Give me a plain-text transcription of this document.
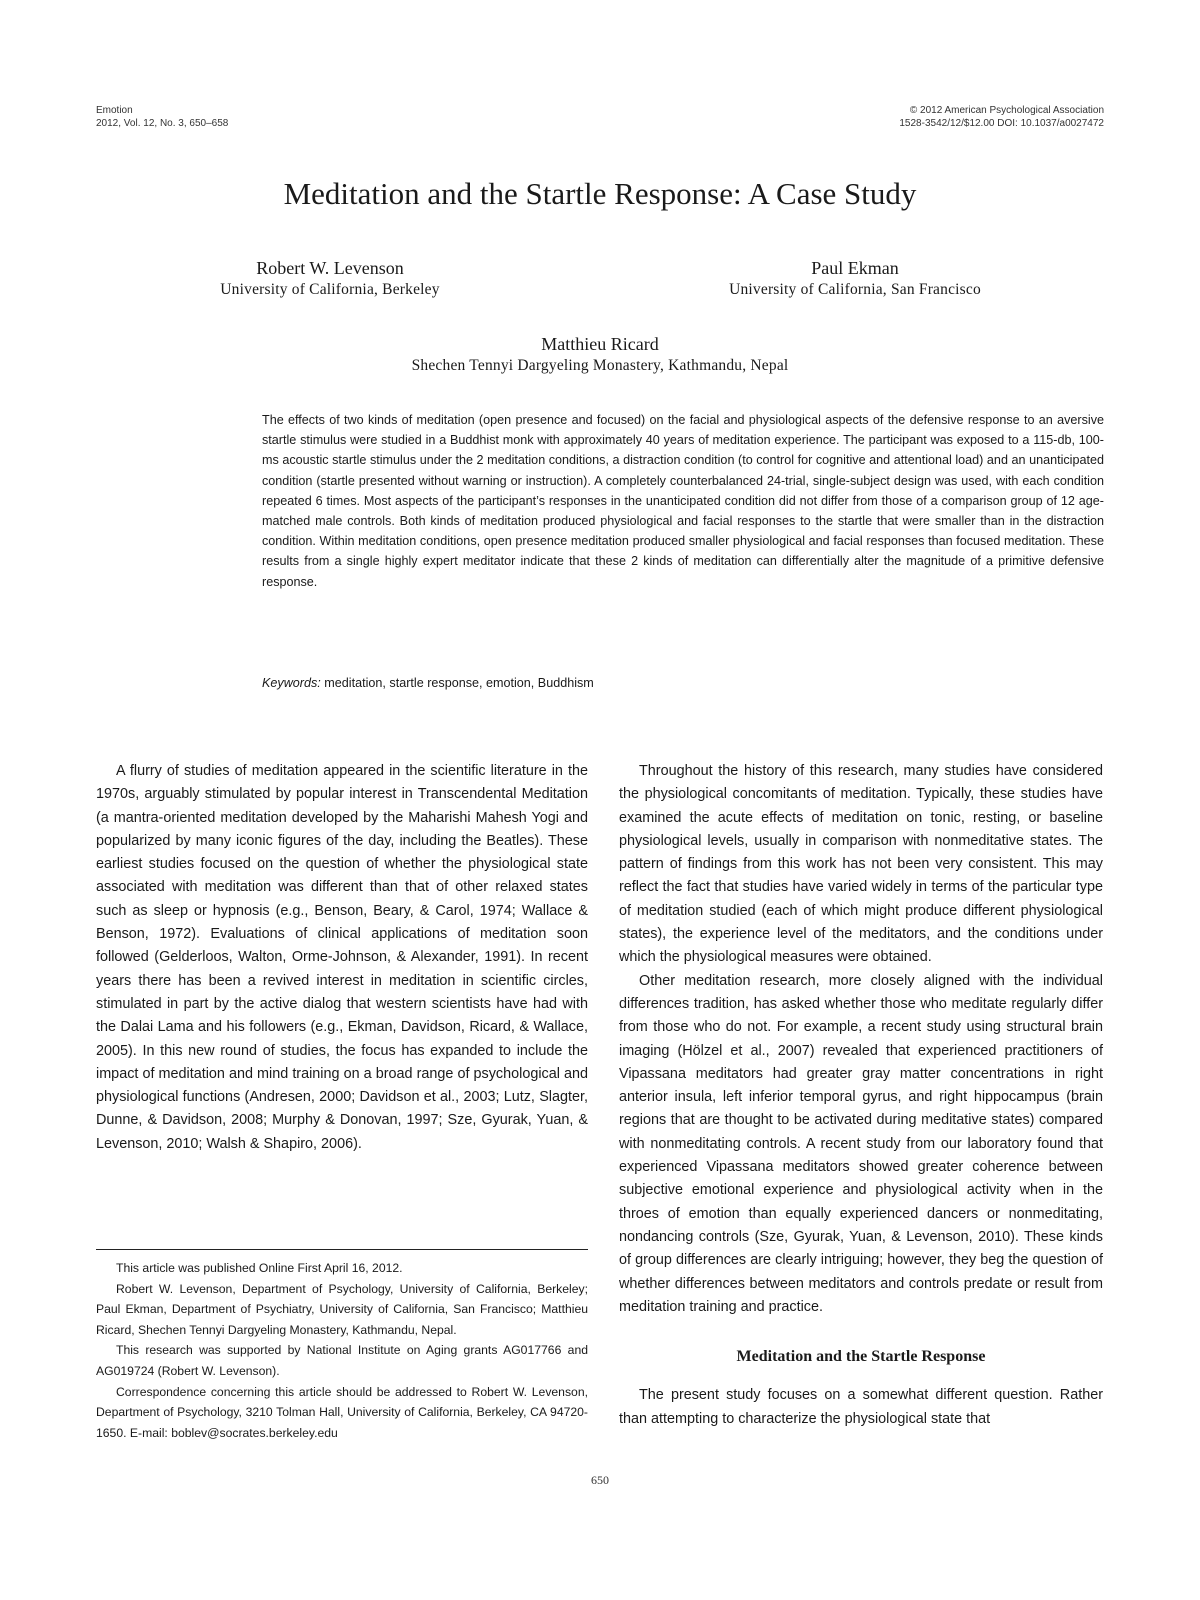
Emotion
2012, Vol. 12, No. 3, 650–658
© 2012 American Psychological Association
1528-3542/12/$12.00 DOI: 10.1037/a0027472
Meditation and the Startle Response: A Case Study
Robert W. Levenson
University of California, Berkeley
Paul Ekman
University of California, San Francisco
Matthieu Ricard
Shechen Tennyi Dargyeling Monastery, Kathmandu, Nepal

The effects of two kinds of meditation (open presence and focused) on the facial and physiological aspects of the defensive response to an aversive startle stimulus were studied in a Buddhist monk with approximately 40 years of meditation experience. The participant was exposed to a 115-db, 100-ms acoustic startle stimulus under the 2 meditation conditions, a distraction condition (to control for cognitive and attentional load) and an unanticipated condition (startle presented without warning or instruction). A completely counterbalanced 24-trial, single-subject design was used, with each condition repeated 6 times. Most aspects of the participant’s responses in the unanticipated condition did not differ from those of a comparison group of 12 age-matched male controls. Both kinds of meditation produced physiological and facial responses to the startle that were smaller than in the distraction condition. Within meditation conditions, open presence meditation produced smaller physiological and facial responses than focused meditation. These results from a single highly expert meditator indicate that these 2 kinds of meditation can differentially alter the magnitude of a primitive defensive response.

Keywords: meditation, startle response, emotion, Buddhism

A flurry of studies of meditation appeared in the scientific literature in the 1970s, arguably stimulated by popular interest in Transcendental Meditation (a mantra-oriented meditation developed by the Maharishi Mahesh Yogi and popularized by many iconic figures of the day, including the Beatles). These earliest studies focused on the question of whether the physiological state associated with meditation was different than that of other relaxed states such as sleep or hypnosis (e.g., Benson, Beary, & Carol, 1974; Wallace & Benson, 1972). Evaluations of clinical applications of meditation soon followed (Gelderloos, Walton, Orme-Johnson, & Alexander, 1991). In recent years there has been a revived interest in meditation in scientific circles, stimulated in part by the active dialog that western scientists have had with the Dalai Lama and his followers (e.g., Ekman, Davidson, Ricard, & Wallace, 2005). In this new round of studies, the focus has expanded to include the impact of meditation and mind training on a broad range of psychological and physiological functions (Andresen, 2000; Davidson et al., 2003; Lutz, Slagter, Dunne, & Davidson, 2008; Murphy & Donovan, 1997; Sze, Gyurak, Yuan, & Levenson, 2010; Walsh & Shapiro, 2006).

Throughout the history of this research, many studies have considered the physiological concomitants of meditation. Typically, these studies have examined the acute effects of meditation on tonic, resting, or baseline physiological levels, usually in comparison with nonmeditative states. The pattern of findings from this work has not been very consistent. This may reflect the fact that studies have varied widely in terms of the particular type of meditation studied (each of which might produce different physiological states), the experience level of the meditators, and the conditions under which the physiological measures were obtained.

Other meditation research, more closely aligned with the individual differences tradition, has asked whether those who meditate regularly differ from those who do not. For example, a recent study using structural brain imaging (Hölzel et al., 2007) revealed that experienced practitioners of Vipassana meditators had greater gray matter concentrations in right anterior insula, left inferior temporal gyrus, and right hippocampus (brain regions that are thought to be activated during meditative states) compared with nonmeditating controls. A recent study from our laboratory found that experienced Vipassana meditators showed greater coherence between subjective emotional experience and physiological activity when in the throes of emotion than equally experienced dancers or nonmeditating, nondancing controls (Sze, Gyurak, Yuan, & Levenson, 2010). These kinds of group differences are clearly intriguing; however, they beg the question of whether differences between meditators and controls predate or result from meditation training and practice.

Meditation and the Startle Response

The present study focuses on a somewhat different question. Rather than attempting to characterize the physiological state that

This article was published Online First April 16, 2012.

Robert W. Levenson, Department of Psychology, University of California, Berkeley; Paul Ekman, Department of Psychiatry, University of California, San Francisco; Matthieu Ricard, Shechen Tennyi Dargyeling Monastery, Kathmandu, Nepal.

This research was supported by National Institute on Aging grants AG017766 and AG019724 (Robert W. Levenson).

Correspondence concerning this article should be addressed to Robert W. Levenson, Department of Psychology, 3210 Tolman Hall, University of California, Berkeley, CA 94720-1650. E-mail: boblev@socrates.berkeley.edu

650
